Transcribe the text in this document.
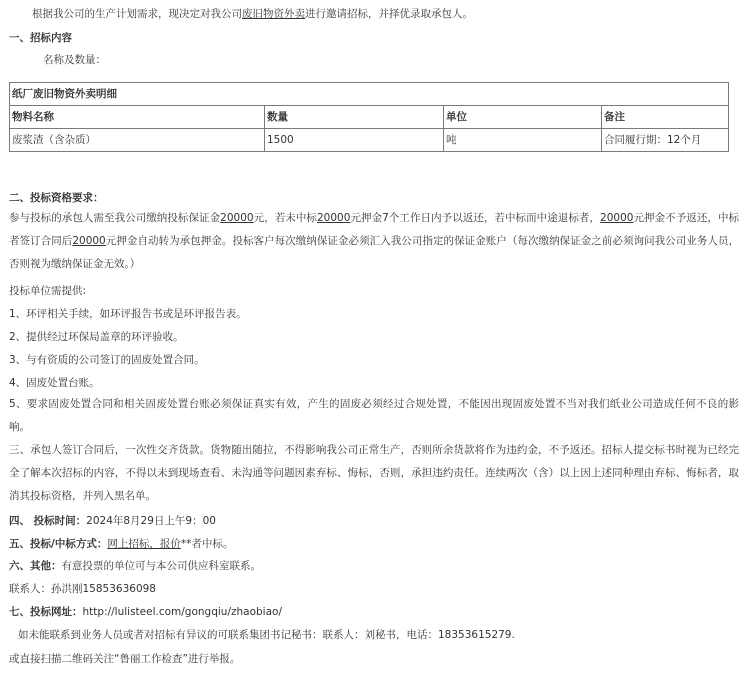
根据我公司的生产计划需求，现决定对我公司废旧物资外卖进行邀请招标，并择优录取承包人。
一、招标内容
名称及数量：
纸厂废旧物资外卖明细			
物料名称	数量	单位	备注
废浆渣（含杂质）	1500	吨	合同履行期：12个月
二、投标资格要求：
参与投标的承包人需至我公司缴纳投标保证金20000元，若未中标20000元押金7个工作日内予以返还，若中标而中途退标者，20000元押金不予返还，中标者签订合同后20000元押金自动转为承包押金。投标客户每次缴纳保证金必须汇入我公司指定的保证金账户（每次缴纳保证金之前必须询问我公司业务人员，否则视为缴纳保证金无效。）
投标单位需提供:
1、环评相关手续，如环评报告书或是环评报告表。
2、提供经过环保局盖章的环评验收。
3、与有资质的公司签订的固废处置合同。
4、固废处置台账。
5、要求固废处置合同和相关固废处置台账必须保证真实有效，产生的固废必须经过合规处置，不能因出现固废处置不当对我们纸业公司造成任何不良的影响。
三、承包人签订合同后，一次性交齐货款。货物随出随拉，不得影响我公司正常生产，否则所余货款将作为违约金，不予返还。招标人提交标书时视为已经完全了解本次招标的内容，不得以未到现场查看、未沟通等问题因素弃标、悔标，否则，承担违约责任。连续两次（含）以上因上述同种理由弃标、悔标者，取消其投标资格，并列入黑名单。
四、 投标时间：2024年8月29日上午9：00
五、投标/中标方式：网上招标，报价**者中标。
六、其他：有意投票的单位可与本公司供应科室联系。
联系人：孙洪刚15853636098
七、投标网址：http://lulisteel.com/gongqiu/zhaobiao/
如未能联系到业务人员或者对招标有异议的可联系集团书记秘书：联系人：刘秘书，电话：18353615279.
或直接扫描二维码关注“鲁丽工作检查”进行举报。
